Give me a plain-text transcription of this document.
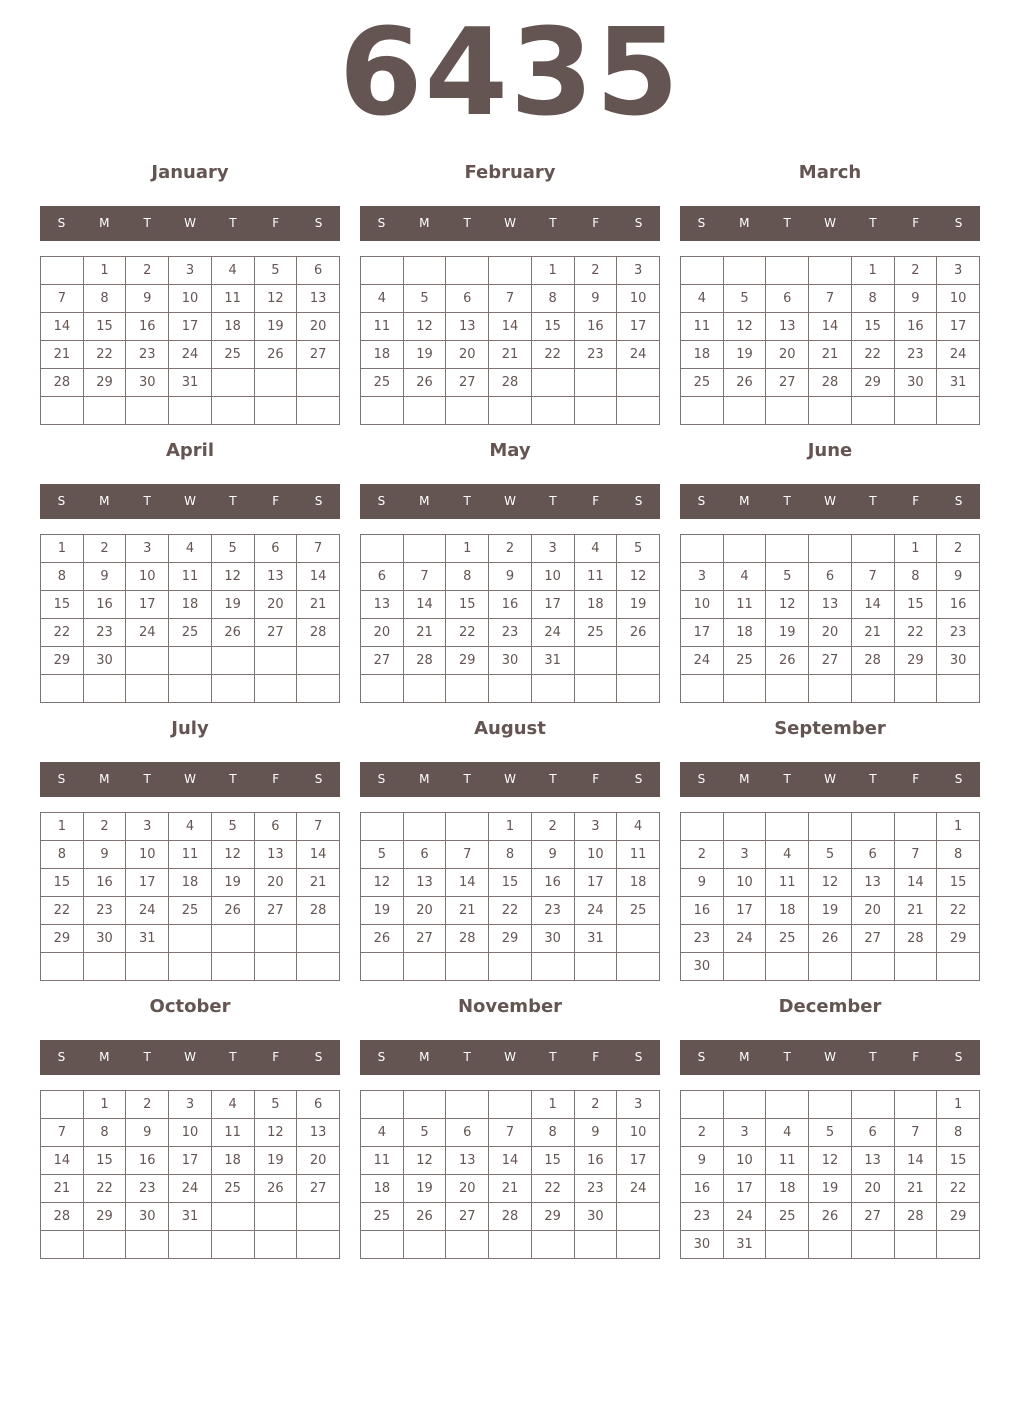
6435
January
S	M	T	W	T	F	S
	1	2	3	4	5	6
7	8	9	10	11	12	13
14	15	16	17	18	19	20
21	22	23	24	25	26	27
28	29	30	31			

February
S	M	T	W	T	F	S
				1	2	3
4	5	6	7	8	9	10
11	12	13	14	15	16	17
18	19	20	21	22	23	24
25	26	27	28			

March
S	M	T	W	T	F	S
				1	2	3
4	5	6	7	8	9	10
11	12	13	14	15	16	17
18	19	20	21	22	23	24
25	26	27	28	29	30	31

April
S	M	T	W	T	F	S
1	2	3	4	5	6	7
8	9	10	11	12	13	14
15	16	17	18	19	20	21
22	23	24	25	26	27	28
29	30					

May
S	M	T	W	T	F	S
		1	2	3	4	5
6	7	8	9	10	11	12
13	14	15	16	17	18	19
20	21	22	23	24	25	26
27	28	29	30	31		

June
S	M	T	W	T	F	S
					1	2
3	4	5	6	7	8	9
10	11	12	13	14	15	16
17	18	19	20	21	22	23
24	25	26	27	28	29	30

July
S	M	T	W	T	F	S
1	2	3	4	5	6	7
8	9	10	11	12	13	14
15	16	17	18	19	20	21
22	23	24	25	26	27	28
29	30	31				

August
S	M	T	W	T	F	S
			1	2	3	4
5	6	7	8	9	10	11
12	13	14	15	16	17	18
19	20	21	22	23	24	25
26	27	28	29	30	31	

September
S	M	T	W	T	F	S
						1
2	3	4	5	6	7	8
9	10	11	12	13	14	15
16	17	18	19	20	21	22
23	24	25	26	27	28	29
30						
October
S	M	T	W	T	F	S
	1	2	3	4	5	6
7	8	9	10	11	12	13
14	15	16	17	18	19	20
21	22	23	24	25	26	27
28	29	30	31			

November
S	M	T	W	T	F	S
				1	2	3
4	5	6	7	8	9	10
11	12	13	14	15	16	17
18	19	20	21	22	23	24
25	26	27	28	29	30	

December
S	M	T	W	T	F	S
						1
2	3	4	5	6	7	8
9	10	11	12	13	14	15
16	17	18	19	20	21	22
23	24	25	26	27	28	29
30	31					
